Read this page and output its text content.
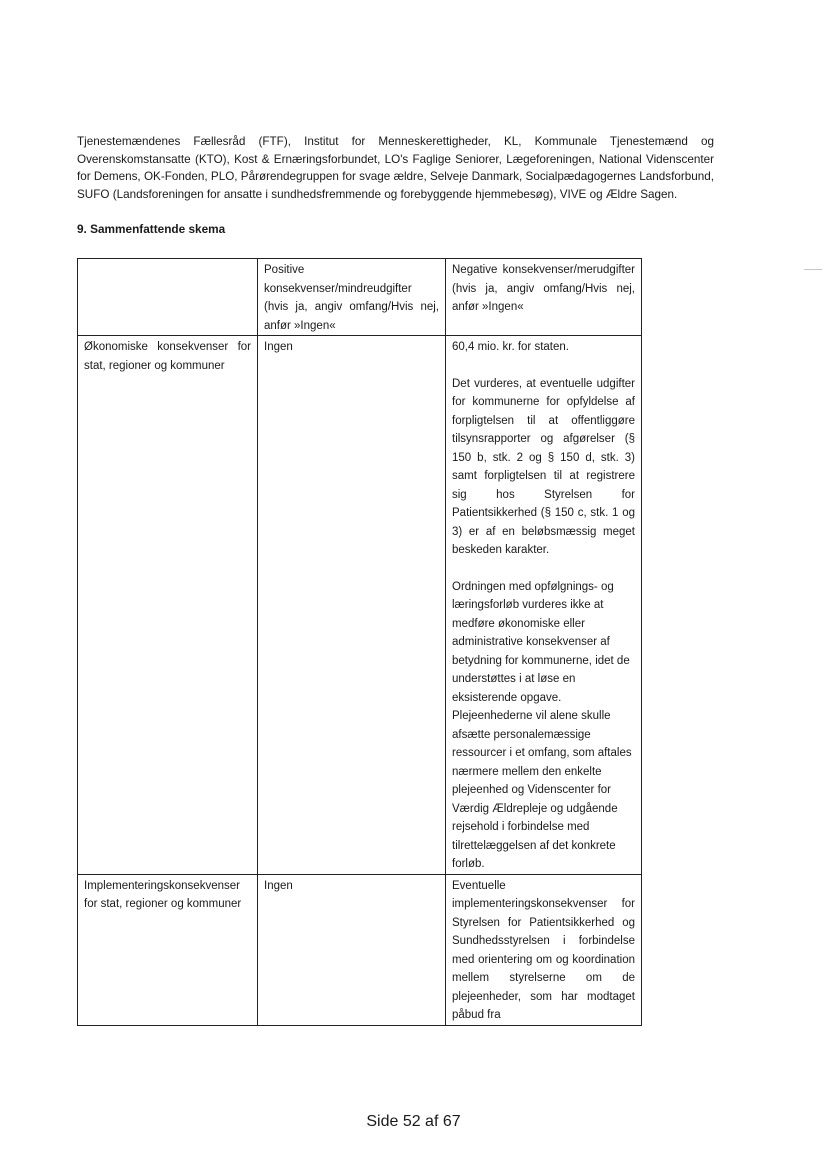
Tjenestemændenes Fællesråd (FTF), Institut for Menneskerettigheder, KL, Kommunale Tjenestemænd og Overenskomstansatte (KTO), Kost & Ernæringsforbundet, LO's Faglige Seniorer, Lægeforeningen, National Videnscenter for Demens, OK-Fonden, PLO, Pårørendegruppen for svage ældre, Selveje Danmark, Socialpædagogernes Landsforbund, SUFO (Landsforeningen for ansatte i sundhedsfremmende og forebyggende hjemmebesøg), VIVE og Ældre Sagen.
9. Sammenfattende skema
	Positive konsekvenser/mindreudgifter (hvis ja, angiv omfang/Hvis nej, anfør »Ingen«	Negative konsekvenser/merudgifter (hvis ja, angiv omfang/Hvis nej, anfør »Ingen«
Økonomiske konsekvenser for stat, regioner og kommuner	Ingen	60,4 mio. kr. for staten.
Det vurderes, at eventuelle udgifter for kommunerne for opfyldelse af forpligtelsen til at offentliggøre tilsynsrapporter og afgørelser (§ 150 b, stk. 2 og § 150 d, stk. 3) samt forpligtelsen til at registrere sig hos Styrelsen for Patientsikkerhed (§ 150 c, stk. 1 og 3) er af en beløbsmæssig meget beskeden karakter.
Ordningen med opfølgnings- og læringsforløb vurderes ikke at medføre økonomiske eller administrative konsekvenser af betydning for kommunerne, idet de understøttes i at løse en eksisterende opgave. Plejeenhederne vil alene skulle afsætte personalemæssige ressourcer i et omfang, som aftales nærmere mellem den enkelte plejeenhed og Videnscenter for Værdig Ældrepleje og udgående rejsehold i forbindelse med tilrettelæggelsen af det konkrete forløb.

Implementeringskonsekvenser for stat, regioner og kommuner	Ingen	Eventuelle implementeringskonsekvenser for Styrelsen for Patientsikkerhed og Sundhedsstyrelsen i forbindelse med orientering om og koordination mellem styrelserne om de plejeenheder, som har modtaget påbud fra
Side 52 af 67
